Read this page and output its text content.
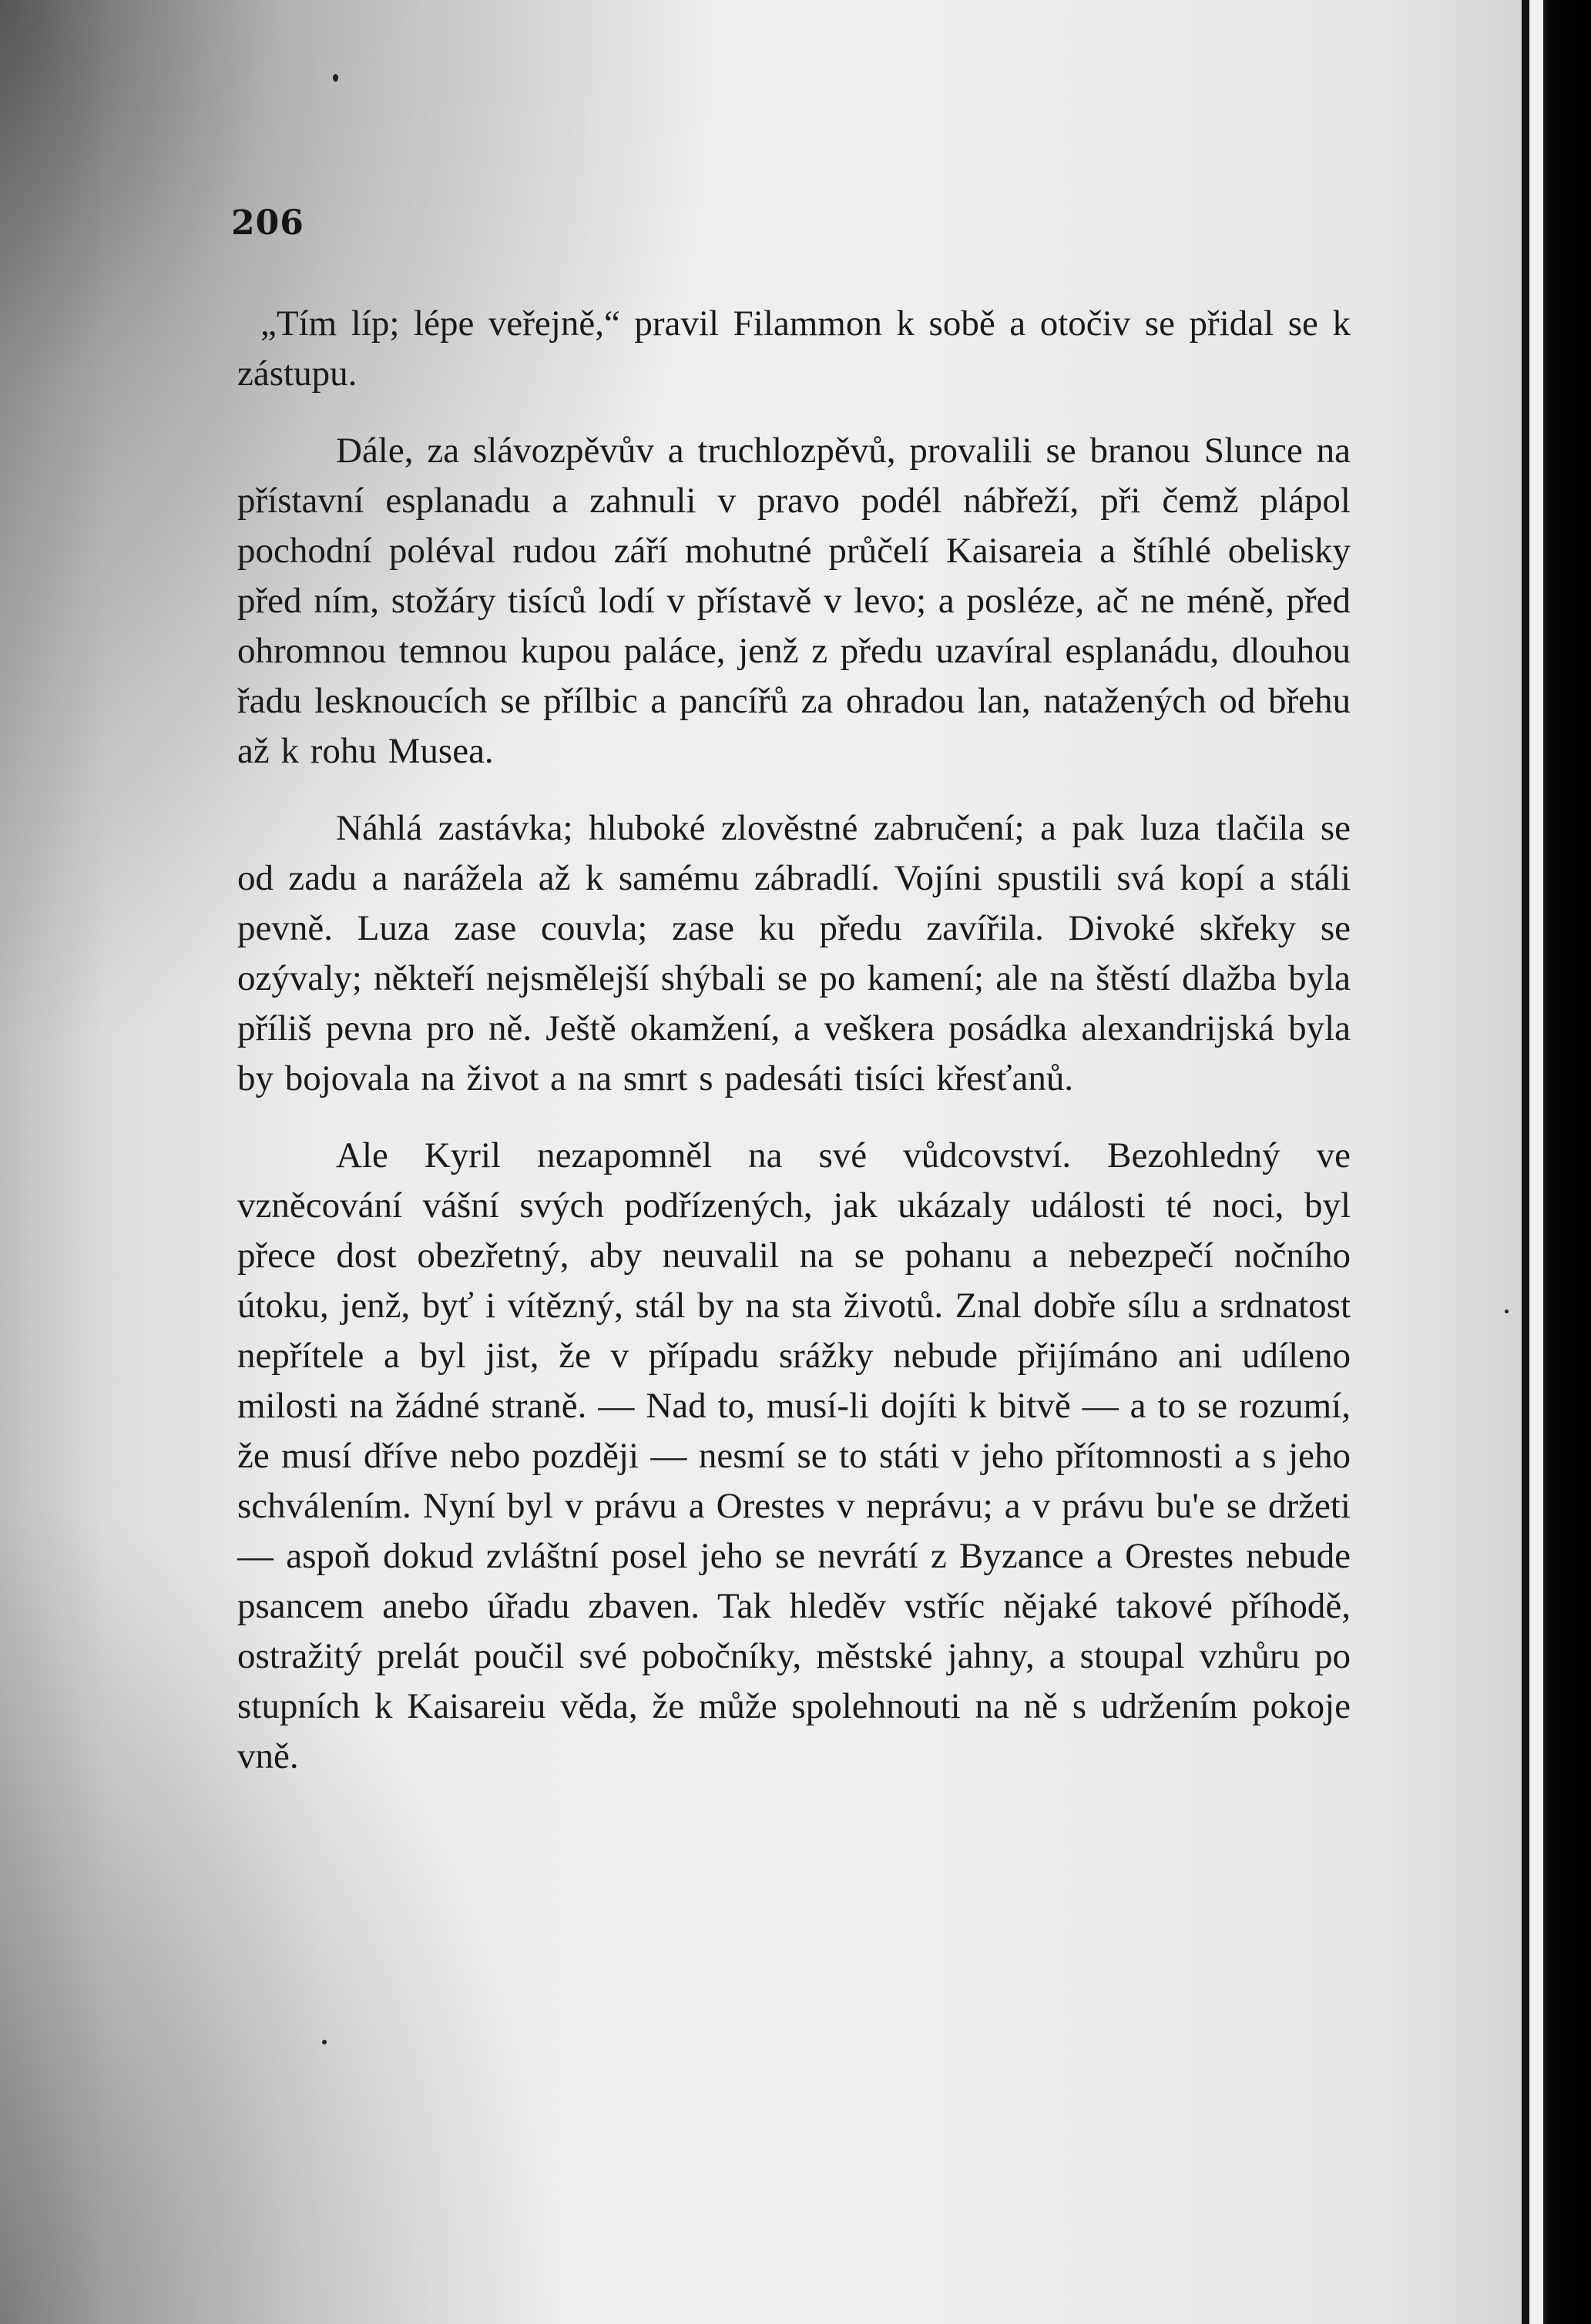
206

„Tím líp; lépe veřejně,“ pravil Filammon k sobě a otočiv se přidal se k zástupu.

Dále, za slávozpěvův a truchlozpěvů, provalili se branou Slunce na přístavní esplanadu a zahnuli v pravo podél nábřeží, při čemž plápol pochodní poléval rudou září mohutné průčelí Kaisareia a štíhlé obelisky před ním, stožáry tisíců lodí v přístavě v levo; a posléze, ač ne méně, před ohromnou temnou kupou paláce, jenž z předu uzavíral esplanádu, dlouhou řadu lesknoucích se přílbic a pancířů za ohradou lan, natažených od břehu až k rohu Musea.

Náhlá zastávka; hluboké zlověstné zabručení; a pak luza tlačila se od zadu a narážela až k samému zábradlí. Vojíni spustili svá kopí a stáli pevně. Luza zase couvla; zase ku předu zavířila. Divoké skřeky se ozývaly; někteří nejsmělejší shýbali se po kamení; ale na štěstí dlažba byla příliš pevna pro ně. Ještě okamžení, a veškera posádka alexandrijská byla by bojovala na život a na smrt s padesáti tisíci křesťanů.

Ale Kyril nezapomněl na své vůdcovství. Bezohledný ve vzněcování vášní svých podřízených, jak ukázaly události té noci, byl přece dost obezřetný, aby neuvalil na se pohanu a nebezpečí nočního útoku, jenž, byť i vítězný, stál by na sta životů. Znal dobře sílu a srdnatost nepřítele a byl jist, že v případu srážky nebude přijímáno ani udíleno milosti na žádné straně. — Nad to, musí-li dojíti k bitvě — a to se rozumí, že musí dříve nebo později — nesmí se to státi v jeho přítomnosti a s jeho schválením. Nyní byl v právu a Orestes v neprávu; a v právu bu'e se držeti — aspoň dokud zvláštní posel jeho se nevrátí z Byzance a Orestes nebude psancem anebo úřadu zbaven. Tak hleděv vstříc nějaké takové příhodě, ostražitý prelát poučil své pobočníky, městské jahny, a stoupal vzhůru po stupních k Kaisareiu věda, že může spolehnouti na ně s udržením pokoje vně.
